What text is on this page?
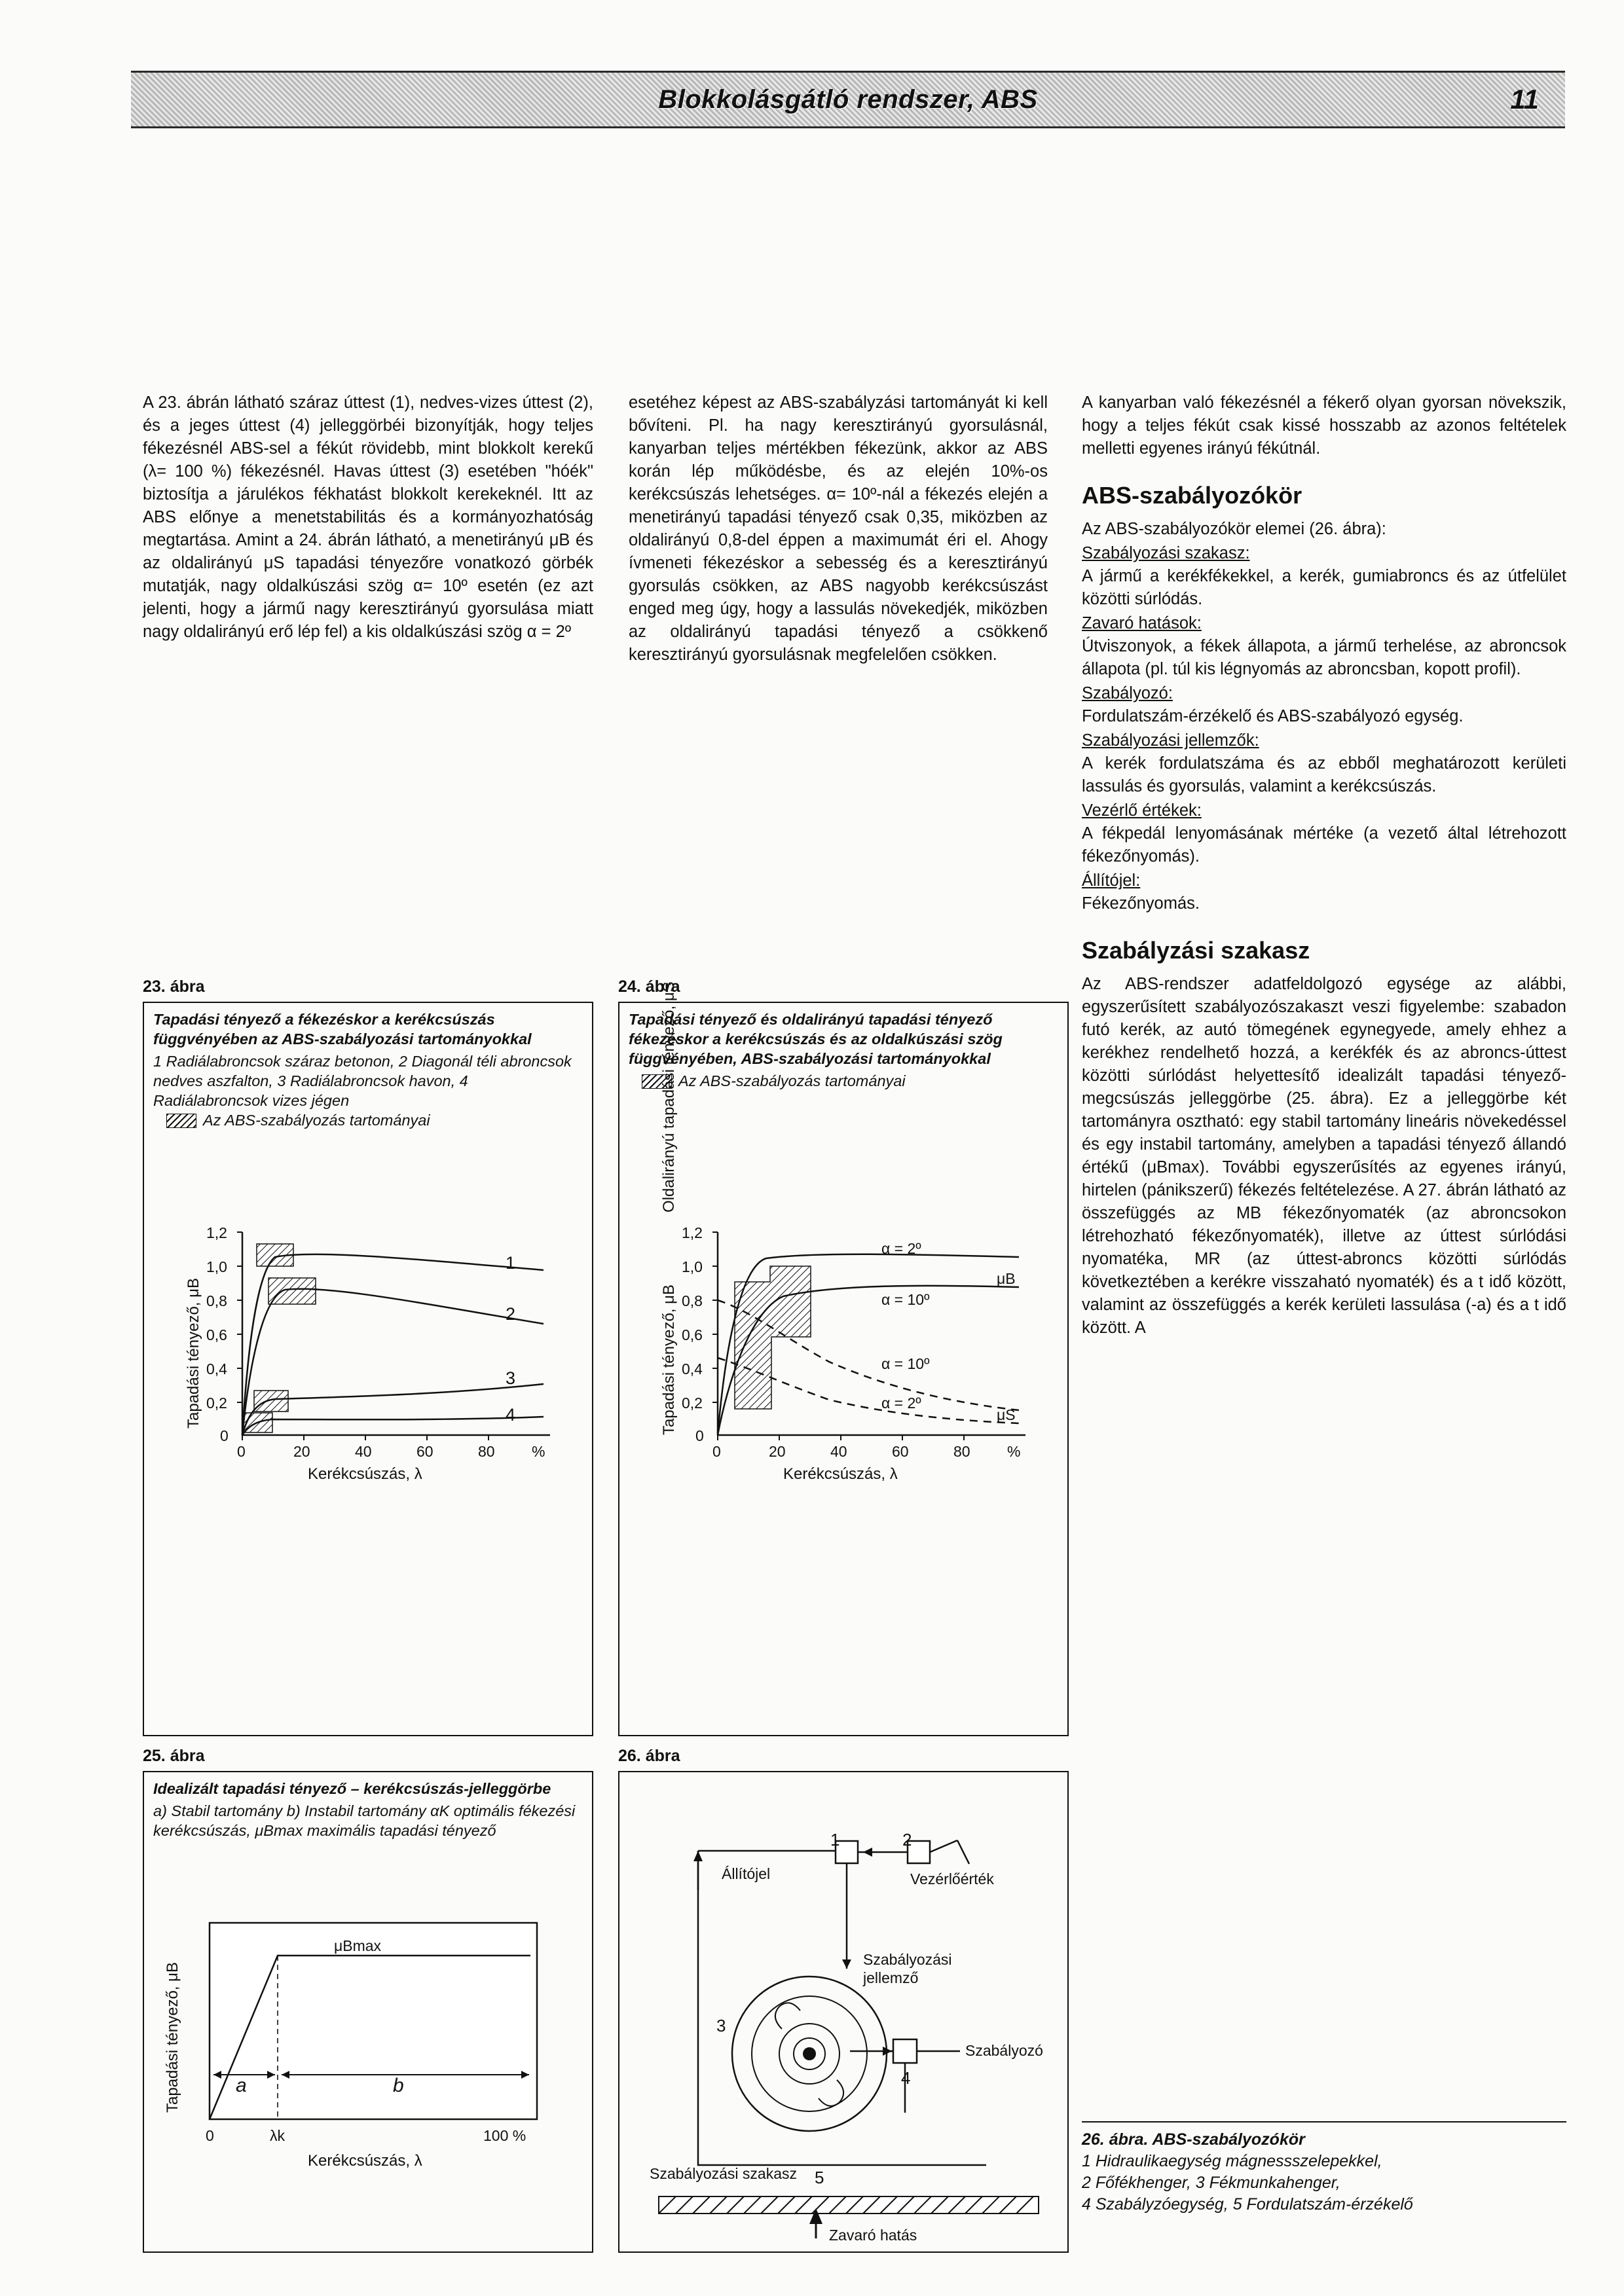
Blokkolásgátló rendszer, ABS	11

A 23. ábrán látható száraz úttest (1), nedves-vizes úttest (2), és a jeges úttest (4) jelleggörbéi bizonyítják, hogy teljes fékezésnél ABS-sel a fékút rövidebb, mint blokkolt kerekű (λ= 100 %) fékezésnél. Havas úttest (3) esetében "hóék" biztosítja a járulékos fékhatást blokkolt kerekeknél. Itt az ABS előnye a menetstabilitás és a kormányozhatóság megtartása. Amint a 24. ábrán látható, a menetirányú μB és az oldalirányú μS tapadási tényezőre vonatkozó görbék mutatják, nagy oldalkúszási szög α= 10º esetén (ez azt jelenti, hogy a jármű nagy keresztirányú gyorsulása miatt nagy oldalirányú erő lép fel) a kis oldalkúszási szög α = 2º

esetéhez képest az ABS-szabályzási tartományát ki kell bővíteni. Pl. ha nagy keresztirányú gyorsulásnál, kanyarban teljes mértékben fékezünk, akkor az ABS korán lép működésbe, és az elején 10%-os kerékcsúszás lehetséges. α= 10º-nál a fékezés elején a menetirányú tapadási tényező csak 0,35, miközben az oldalirányú 0,8-del éppen a maximumát éri el. Ahogy ívmeneti fékezéskor a sebesség és a keresztirányú gyorsulás csökken, az ABS nagyobb kerékcsúszást enged meg úgy, hogy a lassulás növekedjék, miközben az oldalirányú tapadási tényező a csökkenő keresztirányú gyorsulásnak megfelelően csökken.

A kanyarban való fékezésnél a fékerő olyan gyorsan növekszik, hogy a teljes fékút csak kissé hosszabb az azonos feltételek melletti egyenes irányú fékútnál.

ABS-szabályozókör

Az ABS-szabályozókör elemei (26. ábra):

Szabályozási szakasz:
A jármű a kerékfékekkel, a kerék, gumiabroncs és az útfelület közötti súrlódás.
Zavaró hatások:
Útviszonyok, a fékek állapota, a jármű terhelése, az abroncsok állapota (pl. túl kis légnyomás az abroncsban, kopott profil).
Szabályozó:
Fordulatszám-érzékelő és ABS-szabályozó egység.
Szabályozási jellemzők:
A kerék fordulatszáma és az ebből meghatározott kerületi lassulás és gyorsulás, valamint a kerékcsúszás.
Vezérlő értékek:
A fékpedál lenyomásának mértéke (a vezető által létrehozott fékezőnyomás).
Állítójel:
Fékezőnyomás.
Szabályzási szakasz

Az ABS-rendszer adatfeldolgozó egysége az alábbi, egyszerűsített szabályozószakaszt veszi figyelembe: szabadon futó kerék, az autó tömegének egynegyede, amely ehhez a kerékhez rendelhető hozzá, a kerékfék és az abroncs-úttest közötti súrlódást helyettesítő idealizált tapadási tényező-megcsúszás jelleggörbe (25. ábra). Ez a jelleggörbe két tartományra osztható: egy stabil tartomány lineáris növekedéssel és egy instabil tartomány, amelyben a tapadási tényező állandó értékű (μBmax). További egyszerűsítés az egyenes irányú, hirtelen (pánikszerű) fékezés feltételezése. A 27. ábrán látható az összefüggés az MB fékezőnyomaték (az abroncsokon létrehozható fékezőnyomaték), illetve az úttest súrlódási nyomatéka, MR (az úttest-abroncs közötti súrlódás következtében a kerékre visszaható nyomaték) és a t idő között, valamint az összefüggés a kerék kerületi lassulása (-a) és a t idő között. A

23. ábra
Tapadási tényező a fékezéskor a kerékcsúszás függvényében az ABS-szabályozási tartományokkal
1 Radiálabroncsok száraz betonon, 2 Diagonál téli abroncsok nedves aszfalton, 3 Radiálabroncsok havon, 4 Radiálabroncsok vizes jégen
Az ABS-szabályozás tartományai
Tapadási tényező, μB
1,2
1,0
0,8
0,6
0,4
0,2
0
0	20	40	60	80 %
1
2
3
4
Kerékcsúszás, λ
24. ábra
Tapadási tényező és oldalirányú tapadási tényező fékezéskor a kerékcsúszás és az oldalkúszási szög függvényében, ABS-szabályozási tartományokkal
Az ABS-szabályozás tartományai
Tapadási tényező, μB
Oldalirányú tapadási tényező, μS
1,2
1,0
0,8
0,6
0,4
0,2
0
0	20	40	60	80 %
α = 2º
α = 10º
α = 10º
α = 2º
μB
μS
Kerékcsúszás, λ
25. ábra
Idealizált tapadási tényező – kerékcsúszás-jelleggörbe
a) Stabil tartomány b) Instabil tartomány αK optimális fékezési kerékcsúszás, μBmax maximális tapadási tényező
Tapadási tényező, μB
μBmax
a	b
0	λk	100 %
Kerékcsúszás, λ
26. ábra
1	2
3
4
5
Állítójel	Vezérlőérték
Szabályozási jellemző
Szabályozó
Szabályozási szakasz
Zavaró hatás
26. ábra. ABS-szabályozókör
1 Hidraulikaegység mágnessszelepekkel,
2 Főfékhenger, 3 Fékmunkahenger,
4 Szabályzóegység, 5 Fordulatszám-érzékelő
